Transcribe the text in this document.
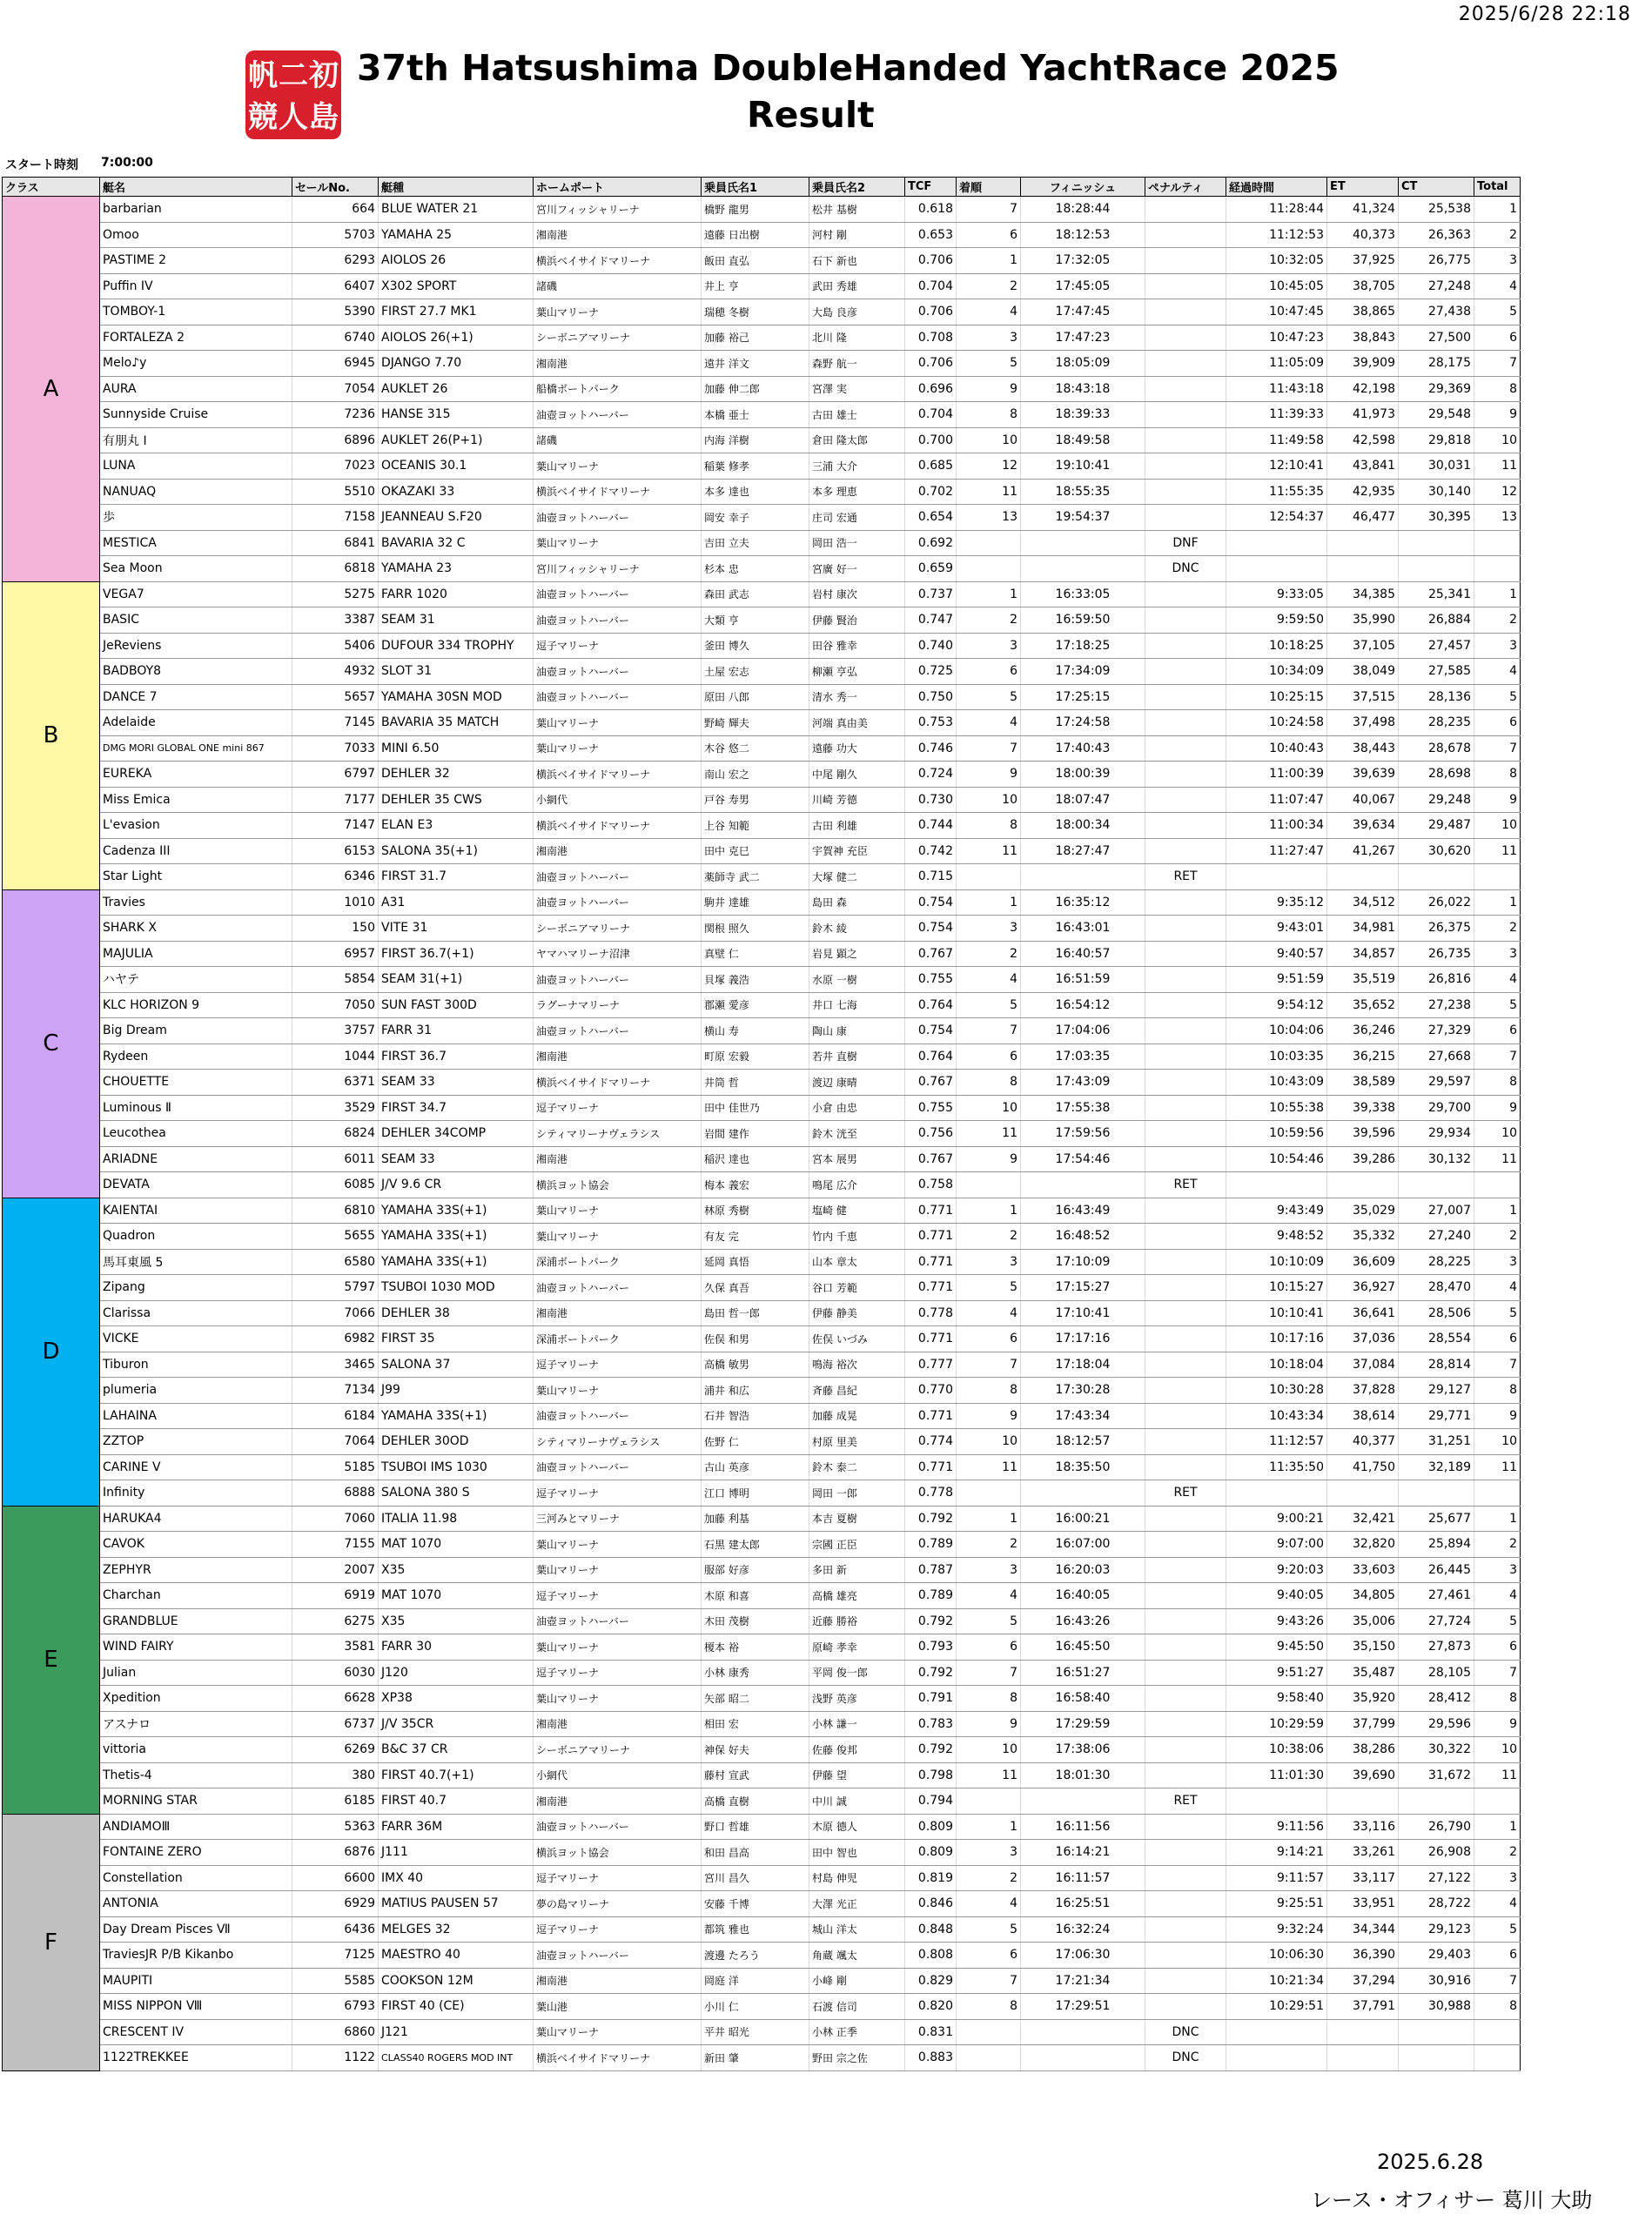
2025/6/28 22:18
帆 二 初
競 人 島
37th Hatsushima DoubleHanded YachtRace 2025
Result
スタート時刻 7:00:00
クラス	艇名	セールNo.	艇種	ホームポート	乗員氏名1	乗員氏名2	TCF	着順	フィニッシュ	ペナルティ	経過時間	ET	CT	Total
A	barbarian	664	BLUE WATER 21	宮川フィッシャリーナ	橋野 龍男	松井 基樹	0.618	7	18:28:44		11:28:44	41,324	25,538	1
	Omoo	5703	YAMAHA 25	湘南港	遠藤 日出樹	河村 剛	0.653	6	18:12:53		11:12:53	40,373	26,363	2
	PASTIME 2	6293	AIOLOS 26	横浜ベイサイドマリーナ	飯田 直弘	石下 新也	0.706	1	17:32:05		10:32:05	37,925	26,775	3
	Puffin IV	6407	X302 SPORT	諸磯	井上 亨	武田 秀雄	0.704	2	17:45:05		10:45:05	38,705	27,248	4
	TOMBOY-1	5390	FIRST 27.7 MK1	葉山マリーナ	瑞穂 冬樹	大島 良彦	0.706	4	17:47:45		10:47:45	38,865	27,438	5
	FORTALEZA 2	6740	AIOLOS 26(+1)	シーボニアマリーナ	加藤 裕己	北川 隆	0.708	3	17:47:23		10:47:23	38,843	27,500	6
	Melo♪y	6945	DJANGO 7.70	湘南港	遠井 洋文	森野 航一	0.706	5	18:05:09		11:05:09	39,909	28,175	7
	AURA	7054	AUKLET 26	船橋ボートパーク	加藤 伸二郎	宮澤 実	0.696	9	18:43:18		11:43:18	42,198	29,369	8
	Sunnyside Cruise	7236	HANSE 315	油壺ヨットハーバー	本橋 亜士	古田 雄士	0.704	8	18:39:33		11:39:33	41,973	29,548	9
	有朋丸 I	6896	AUKLET 26(P+1)	諸磯	内海 洋樹	倉田 隆太郎	0.700	10	18:49:58		11:49:58	42,598	29,818	10
	LUNA	7023	OCEANIS 30.1	葉山マリーナ	稲葉 修孝	三浦 大介	0.685	12	19:10:41		12:10:41	43,841	30,031	11
	NANUAQ	5510	OKAZAKI 33	横浜ベイサイドマリーナ	本多 達也	本多 理恵	0.702	11	18:55:35		11:55:35	42,935	30,140	12
	歩	7158	JEANNEAU S.F20	油壺ヨットハーバー	岡安 幸子	庄司 宏通	0.654	13	19:54:37		12:54:37	46,477	30,395	13
	MESTICA	6841	BAVARIA 32 C	葉山マリーナ	吉田 立夫	岡田 浩一	0.692			DNF				
	Sea Moon	6818	YAMAHA 23	宮川フィッシャリーナ	杉本 忠	宮廣 好一	0.659			DNC				
B	VEGA7	5275	FARR 1020	油壺ヨットハーバー	森田 武志	岩村 康次	0.737	1	16:33:05		9:33:05	34,385	25,341	1
	BASIC	3387	SEAM 31	油壺ヨットハーバー	大類 亨	伊藤 賢治	0.747	2	16:59:50		9:59:50	35,990	26,884	2
	JeReviens	5406	DUFOUR 334 TROPHY	逗子マリーナ	釜田 博久	田谷 雅幸	0.740	3	17:18:25		10:18:25	37,105	27,457	3
	BADBOY8	4932	SLOT 31	油壺ヨットハーバー	土屋 宏志	柳瀬 亨弘	0.725	6	17:34:09		10:34:09	38,049	27,585	4
	DANCE 7	5657	YAMAHA 30SN MOD	油壺ヨットハーバー	原田 八郎	清水 秀一	0.750	5	17:25:15		10:25:15	37,515	28,136	5
	Adelaide	7145	BAVARIA 35 MATCH	葉山マリーナ	野崎 輝夫	河端 真由美	0.753	4	17:24:58		10:24:58	37,498	28,235	6
	DMG MORI GLOBAL ONE mini 867	7033	MINI 6.50	葉山マリーナ	木谷 悠二	遠藤 功大	0.746	7	17:40:43		10:40:43	38,443	28,678	7
	EUREKA	6797	DEHLER 32	横浜ベイサイドマリーナ	南山 宏之	中尾 剛久	0.724	9	18:00:39		11:00:39	39,639	28,698	8
	Miss Emica	7177	DEHLER 35 CWS	小網代	戸谷 寿男	川崎 芳德	0.730	10	18:07:47		11:07:47	40,067	29,248	9
	L'evasion	7147	ELAN E3	横浜ベイサイドマリーナ	上谷 知範	古田 利雄	0.744	8	18:00:34		11:00:34	39,634	29,487	10
	Cadenza III	6153	SALONA 35(+1)	湘南港	田中 克巳	宇賀神 充臣	0.742	11	18:27:47		11:27:47	41,267	30,620	11
	Star Light	6346	FIRST 31.7	油壺ヨットハーバー	薬師寺 武二	大塚 健二	0.715			RET				
C	Travies	1010	A31	油壺ヨットハーバー	駒井 達雄	島田 森	0.754	1	16:35:12		9:35:12	34,512	26,022	1
	SHARK X	150	VITE 31	シーボニアマリーナ	関根 照久	鈴木 綾	0.754	3	16:43:01		9:43:01	34,981	26,375	2
	MAJULIA	6957	FIRST 36.7(+1)	ヤマハマリーナ沼津	真壁 仁	岩見 顕之	0.767	2	16:40:57		9:40:57	34,857	26,735	3
	ハヤテ	5854	SEAM 31(+1)	油壺ヨットハーバー	貝塚 義浩	水原 一樹	0.755	4	16:51:59		9:51:59	35,519	26,816	4
	KLC HORIZON 9	7050	SUN FAST 300D	ラグーナマリーナ	郡瀬 愛彦	井口 七海	0.764	5	16:54:12		9:54:12	35,652	27,238	5
	Big Dream	3757	FARR 31	油壺ヨットハーバー	横山 寿	陶山 康	0.754	7	17:04:06		10:04:06	36,246	27,329	6
	Rydeen	1044	FIRST 36.7	湘南港	町原 宏毅	若井 直樹	0.764	6	17:03:35		10:03:35	36,215	27,668	7
	CHOUETTE	6371	SEAM 33	横浜ベイサイドマリーナ	井筒 哲	渡辺 康晴	0.767	8	17:43:09		10:43:09	38,589	29,597	8
	Luminous Ⅱ	3529	FIRST 34.7	逗子マリーナ	田中 佳世乃	小倉 由忠	0.755	10	17:55:38		10:55:38	39,338	29,700	9
	Leucothea	6824	DEHLER 34COMP	シティマリーナヴェラシス	岩間 建作	鈴木 洸至	0.756	11	17:59:56		10:59:56	39,596	29,934	10
	ARIADNE	6011	SEAM 33	湘南港	稲沢 達也	宮本 展男	0.767	9	17:54:46		10:54:46	39,286	30,132	11
	DEVATA	6085	J/V 9.6 CR	横浜ヨット協会	梅本 義宏	鳴尾 広介	0.758			RET				
D	KAIENTAI	6810	YAMAHA 33S(+1)	葉山マリーナ	林原 秀樹	塩崎 健	0.771	1	16:43:49		9:43:49	35,029	27,007	1
	Quadron	5655	YAMAHA 33S(+1)	葉山マリーナ	有友 完	竹内 千恵	0.771	2	16:48:52		9:48:52	35,332	27,240	2
	馬耳東風 5	6580	YAMAHA 33S(+1)	深浦ボートパーク	延岡 真悟	山本 章太	0.771	3	17:10:09		10:10:09	36,609	28,225	3
	Zipang	5797	TSUBOI 1030 MOD	油壺ヨットハーバー	久保 真吾	谷口 芳範	0.771	5	17:15:27		10:15:27	36,927	28,470	4
	Clarissa	7066	DEHLER 38	湘南港	島田 哲一郎	伊藤 静美	0.778	4	17:10:41		10:10:41	36,641	28,506	5
	VICKE	6982	FIRST 35	深浦ボートパーク	佐俣 和男	佐俣 いづみ	0.771	6	17:17:16		10:17:16	37,036	28,554	6
	Tiburon	3465	SALONA 37	逗子マリーナ	高橋 敏男	鳴海 裕次	0.777	7	17:18:04		10:18:04	37,084	28,814	7
	plumeria	7134	J99	葉山マリーナ	浦井 和広	斉藤 昌紀	0.770	8	17:30:28		10:30:28	37,828	29,127	8
	LAHAINA	6184	YAMAHA 33S(+1)	油壺ヨットハーバー	石井 智浩	加藤 成晃	0.771	9	17:43:34		10:43:34	38,614	29,771	9
	ZZTOP	7064	DEHLER 30OD	シティマリーナヴェラシス	佐野 仁	村原 里美	0.774	10	18:12:57		11:12:57	40,377	31,251	10
	CARINE V	5185	TSUBOI IMS 1030	油壺ヨットハーバー	古山 英彦	鈴木 泰二	0.771	11	18:35:50		11:35:50	41,750	32,189	11
	Infinity	6888	SALONA 380 S	逗子マリーナ	江口 博明	岡田 一郎	0.778			RET				
E	HARUKA4	7060	ITALIA 11.98	三河みとマリーナ	加藤 利基	本吉 夏樹	0.792	1	16:00:21		9:00:21	32,421	25,677	1
	CAVOK	7155	MAT 1070	葉山マリーナ	石黒 建太郎	宗國 正臣	0.789	2	16:07:00		9:07:00	32,820	25,894	2
	ZEPHYR	2007	X35	葉山マリーナ	服部 好彦	多田 新	0.787	3	16:20:03		9:20:03	33,603	26,445	3
	Charchan	6919	MAT 1070	逗子マリーナ	木原 和喜	高橋 雄亮	0.789	4	16:40:05		9:40:05	34,805	27,461	4
	GRANDBLUE	6275	X35	油壺ヨットハーバー	木田 茂樹	近藤 勝裕	0.792	5	16:43:26		9:43:26	35,006	27,724	5
	WIND FAIRY	3581	FARR 30	葉山マリーナ	榎本 裕	原崎 孝幸	0.793	6	16:45:50		9:45:50	35,150	27,873	6
	Julian	6030	J120	逗子マリーナ	小林 康秀	平岡 俊一郎	0.792	7	16:51:27		9:51:27	35,487	28,105	7
	Xpedition	6628	XP38	葉山マリーナ	矢部 昭二	浅野 英彦	0.791	8	16:58:40		9:58:40	35,920	28,412	8
	アスナロ	6737	J/V 35CR	湘南港	相田 宏	小林 謙一	0.783	9	17:29:59		10:29:59	37,799	29,596	9
	vittoria	6269	B&C 37 CR	シーボニアマリーナ	神保 好夫	佐藤 俊邦	0.792	10	17:38:06		10:38:06	38,286	30,322	10
	Thetis-4	380	FIRST 40.7(+1)	小網代	藤村 宣武	伊藤 望	0.798	11	18:01:30		11:01:30	39,690	31,672	11
	MORNING STAR	6185	FIRST 40.7	湘南港	高橋 直樹	中川 誠	0.794			RET				
F	ANDIAMOⅢ	5363	FARR 36M	油壺ヨットハーバー	野口 哲雄	木原 德人	0.809	1	16:11:56		9:11:56	33,116	26,790	1
	FONTAINE ZERO	6876	J111	横浜ヨット協会	和田 昌高	田中 智也	0.809	3	16:14:21		9:14:21	33,261	26,908	2
	Constellation	6600	IMX 40	逗子マリーナ	宮川 昌久	村島 伸児	0.819	2	16:11:57		9:11:57	33,117	27,122	3
	ANTONIA	6929	MATIUS PAUSEN 57	夢の島マリーナ	安藤 千博	大澤 光正	0.846	4	16:25:51		9:25:51	33,951	28,722	4
	Day Dream Pisces Ⅶ	6436	MELGES 32	逗子マリーナ	都筑 雅也	城山 洋太	0.848	5	16:32:24		9:32:24	34,344	29,123	5
	TraviesJR P/B Kikanbo	7125	MAESTRO 40	油壺ヨットハーバー	渡邊 たろう	角蔵 颯太	0.808	6	17:06:30		10:06:30	36,390	29,403	6
	MAUPITI	5585	COOKSON 12M	湘南港	岡庭 洋	小峰 剛	0.829	7	17:21:34		10:21:34	37,294	30,916	7
	MISS NIPPON Ⅷ	6793	FIRST 40 (CE)	葉山港	小川 仁	石渡 信司	0.820	8	17:29:51		10:29:51	37,791	30,988	8
	CRESCENT IV	6860	J121	葉山マリーナ	平井 昭光	小林 正季	0.831			DNC				
	1122TREKKEE	1122	CLASS40 ROGERS MOD INT	横浜ベイサイドマリーナ	新田 肇	野田 宗之佐	0.883			DNC				
2025.6.28
レース・オフィサー 葛川 大助
